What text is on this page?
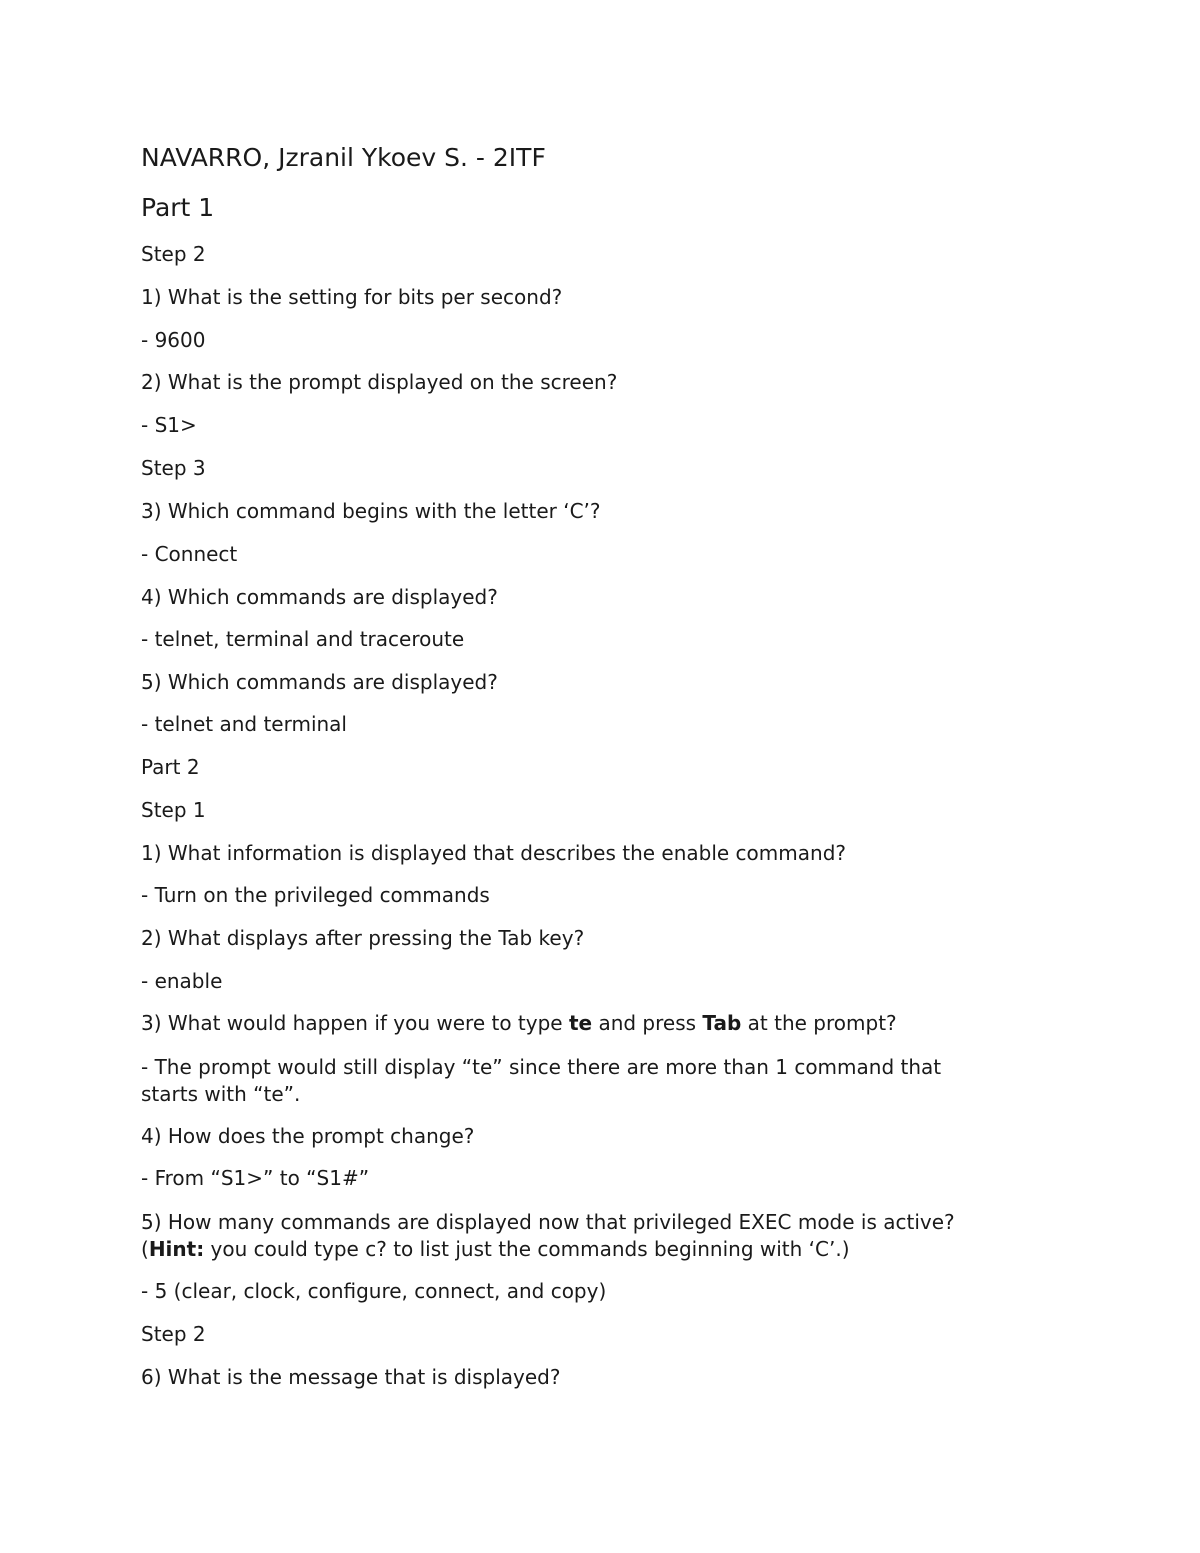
NAVARRO, Jzranil Ykoev S. - 2ITF

Part 1

Step 2

1) What is the setting for bits per second?

- 9600

2) What is the prompt displayed on the screen?

- S1>

Step 3

3) Which command begins with the letter ‘C’?

- Connect

4) Which commands are displayed?

- telnet, terminal and traceroute

5) Which commands are displayed?

- telnet and terminal

Part 2

Step 1

1) What information is displayed that describes the enable command?

- Turn on the privileged commands

2) What displays after pressing the Tab key?

- enable

3) What would happen if you were to type te and press Tab at the prompt?

- The prompt would still display “te” since there are more than 1 command that

starts with “te”.

4) How does the prompt change?

- From “S1>” to “S1#”

5) How many commands are displayed now that privileged EXEC mode is active?

(Hint: you could type c? to list just the commands beginning with ‘C’.)

- 5 (clear, clock, configure, connect, and copy)

Step 2

6) What is the message that is displayed?
